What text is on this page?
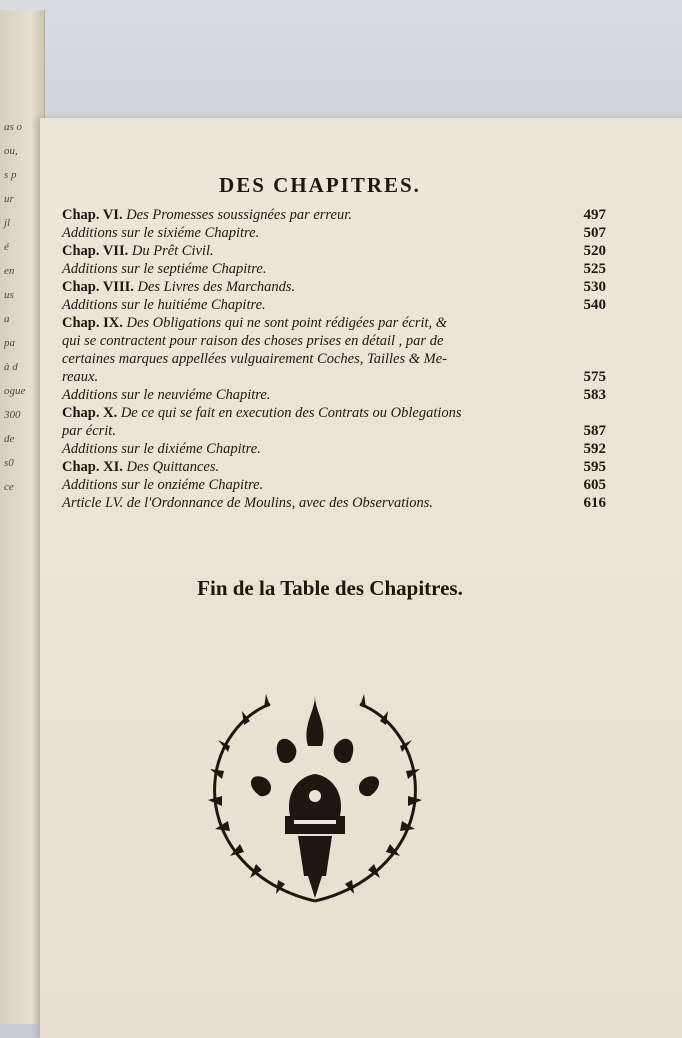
as o
ou,
s p
ur
jl
é
en
us
a
pa
à d
ogue
300
de
s0
ce
DES CHAPITRES.
Chap. VI. Des Promesses soussignées par erreur.	497
Additions sur le sixiéme Chapitre.	507
Chap. VII. Du Prêt Civil.	520
Additions sur le septiéme Chapitre.	525
Chap. VIII. Des Livres des Marchands.	530
Additions sur le huitiéme Chapitre.	540
Chap. IX. Des Obligations qui ne sont point rédigées par écrit, &
qui se contractent pour raison des choses prises en détail , par de
certaines marques appellées vulguairement Coches, Tailles & Me-
reaux.	575
Additions sur le neuviéme Chapitre.	583
Chap. X. De ce qui se fait en execution des Contrats ou Oblegations
par écrit.	587
Additions sur le dixiéme Chapitre.	592
Chap. XI. Des Quittances.	595
Additions sur le onziéme Chapitre.	605
Article LV. de l'Ordonnance de Moulins, avec des Observations.	616
Fin de la Table des Chapitres.
